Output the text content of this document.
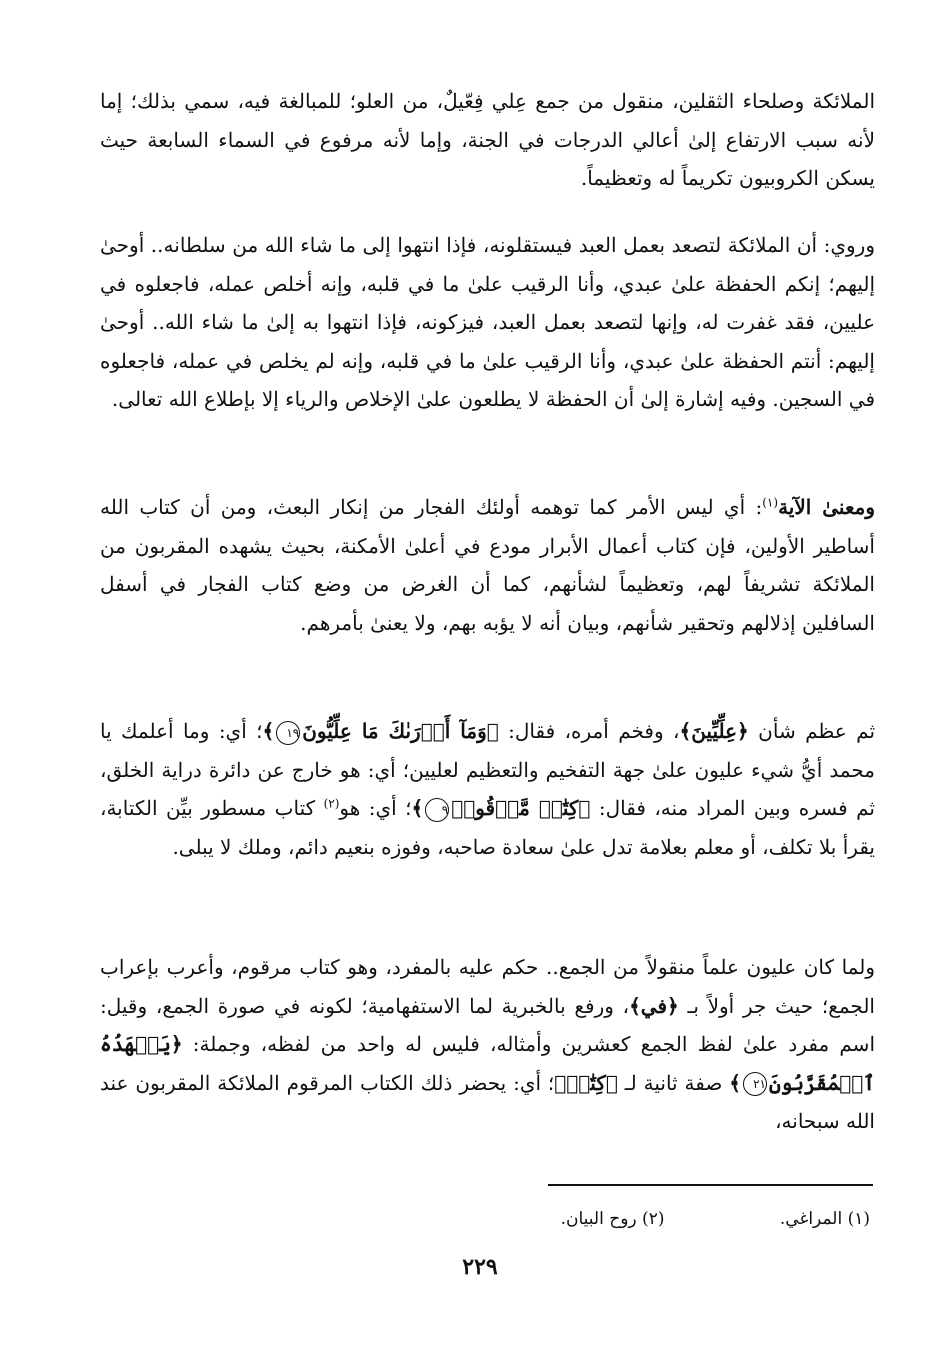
الملائكة وصلحاء الثقلين، منقول من جمع عِلي فِعّيلٌ، من العلو؛ للمبالغة فيه، سمي بذلك؛ إما لأنه سبب الارتفاع إلىٰ أعالي الدرجات في الجنة، وإما لأنه مرفوع في السماء السابعة حيث يسكن الكروبيون تكريماً له وتعظيماً.
وروي: أن الملائكة لتصعد بعمل العبد فيستقلونه، فإذا انتهوا إلى ما شاء الله من سلطانه.. أوحىٰ إليهم؛ إنكم الحفظة علىٰ عبدي، وأنا الرقيب علىٰ ما في قلبه، وإنه أخلص عمله، فاجعلوه في عليين، فقد غفرت له، وإنها لتصعد بعمل العبد، فيزكونه، فإذا انتهوا به إلىٰ ما شاء الله.. أوحىٰ إليهم: أنتم الحفظة علىٰ عبدي، وأنا الرقيب علىٰ ما في قلبه، وإنه لم يخلص في عمله، فاجعلوه في السجين. وفيه إشارة إلىٰ أن الحفظة لا يطلعون علىٰ الإخلاص والرياء إلا بإطلاع الله تعالى.
ومعنىٰ الآية$^{(١)}$: أي ليس الأمر كما توهمه أولئك الفجار من إنكار البعث، ومن أن كتاب الله أساطير الأولين، فإن كتاب أعمال الأبرار مودع في أعلىٰ الأمكنة، بحيث يشهده المقربون من الملائكة تشريفاً لهم، وتعظيماً لشأنهم، كما أن الغرض من وضع كتاب الفجار في أسفل السافلين إذلالهم وتحقير شأنهم، وبيان أنه لا يؤبه بهم، ولا يعنىٰ بأمرهم.
ثم عظم شأن ﴿عِلِّيِّينَ﴾، وفخم أمره، فقال: ﴿وَمَآ أَدۡرَىٰكَ مَا عِلِّيُّونَ١٩﴾؛ أي: وما أعلمك يا محمد أيُّ شيء عليون علىٰ جهة التفخيم والتعظيم لعليين؛ أي: هو خارج عن دائرة دراية الخلق، ثم فسره وبين المراد منه، فقال: ﴿كِتَٰبٞ مَّرۡقُومٞ٩﴾؛ أي: هو$^{(٢)}$ كتاب مسطور بيِّن الكتابة، يقرأ بلا تكلف، أو معلم بعلامة تدل علىٰ سعادة صاحبه، وفوزه بنعيم دائم، وملك لا يبلى.
ولما كان عليون علماً منقولاً من الجمع.. حكم عليه بالمفرد، وهو كتاب مرقوم، وأعرب بإعراب الجمع؛ حيث جر أولاً بـ ﴿في﴾، ورفع بالخبرية لما الاستفهامية؛ لكونه في صورة الجمع، وقيل: اسم مفرد علىٰ لفظ الجمع كعشرين وأمثاله، فليس له واحد من لفظه، وجملة: ﴿يَشۡهَدُهُ ٱلۡمُقَرَّبُونَ٢١﴾ صفة ثانية لـ ﴿كِتَٰبٞ﴾؛ أي: يحضر ذلك الكتاب المرقوم الملائكة المقربون عند الله سبحانه،
(١) المراغي. (٢) روح البيان.
٢٢٩
